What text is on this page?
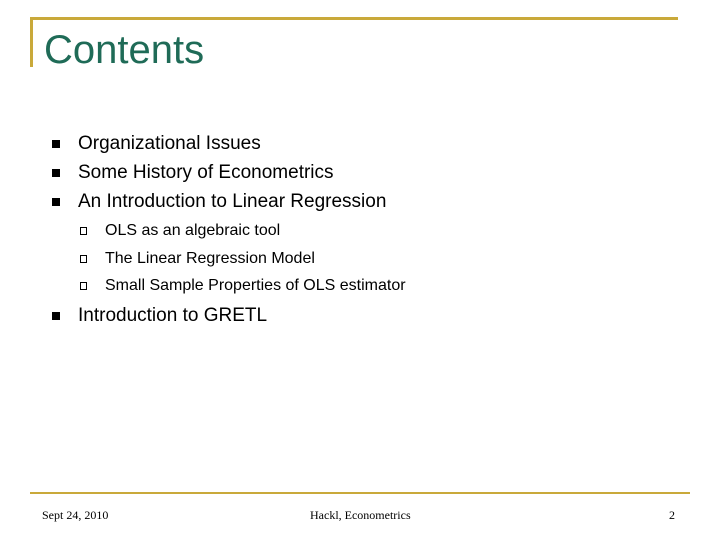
Contents
Organizational Issues
Some History of Econometrics
An Introduction to Linear Regression
OLS as an algebraic tool
The Linear Regression Model
Small Sample Properties of OLS estimator
Introduction to GRETL
Sept 24, 2010	Hackl, Econometrics	2
